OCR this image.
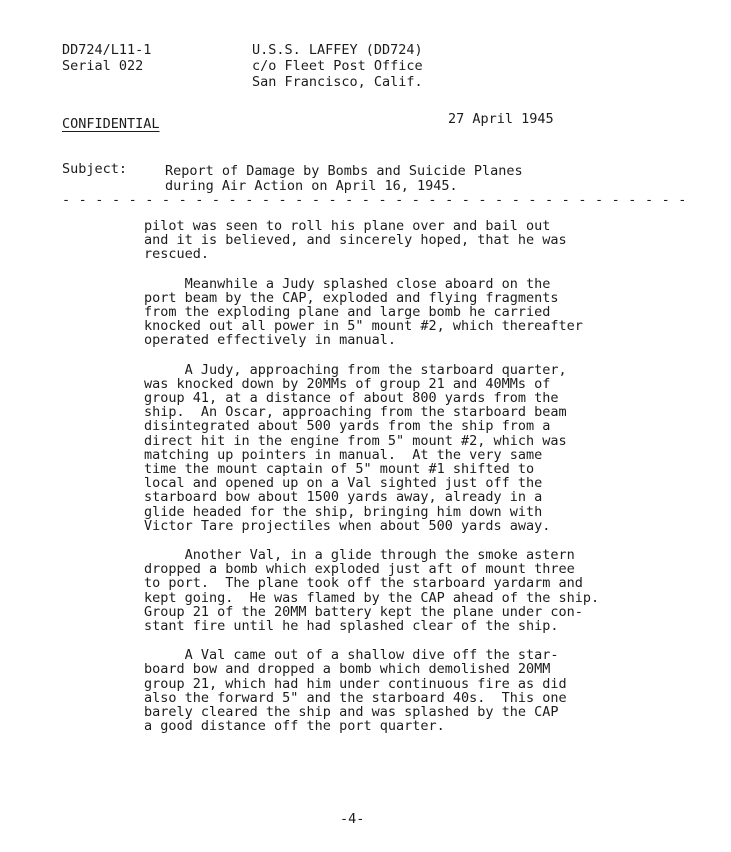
DD724/L11-1
Serial 022
U.S.S. LAFFEY (DD724)
c/o Fleet Post Office
San Francisco, Calif.
CONFIDENTIAL	27 April 1945
Subject:	Report of Damage by Bombs and Suicide Planes
during Air Action on April 16, 1945.
- - - - - - - - - - - - - - - - - - - - - - - - - - - - - - - - - - - - - -
pilot was seen to roll his plane over and bail out
and it is believed, and sincerely hoped, that he was
rescued.
Meanwhile a Judy splashed close aboard on the
port beam by the CAP, exploded and flying fragments
from the exploding plane and large bomb he carried
knocked out all power in 5" mount #2, which thereafter
operated effectively in manual.
A Judy, approaching from the starboard quarter,
was knocked down by 20MMs of group 21 and 40MMs of
group 41, at a distance of about 800 yards from the
ship.  An Oscar, approaching from the starboard beam
disintegrated about 500 yards from the ship from a
direct hit in the engine from 5" mount #2, which was
matching up pointers in manual.  At the very same
time the mount captain of 5" mount #1 shifted to
local and opened up on a Val sighted just off the
starboard bow about 1500 yards away, already in a
glide headed for the ship, bringing him down with
Victor Tare projectiles when about 500 yards away.
Another Val, in a glide through the smoke astern
dropped a bomb which exploded just aft of mount three
to port.  The plane took off the starboard yardarm and
kept going.  He was flamed by the CAP ahead of the ship.
Group 21 of the 20MM battery kept the plane under con-
stant fire until he had splashed clear of the ship.
A Val came out of a shallow dive off the star-
board bow and dropped a bomb which demolished 20MM
group 21, which had him under continuous fire as did
also the forward 5" and the starboard 40s.  This one
barely cleared the ship and was splashed by the CAP
a good distance off the port quarter.
-4-
